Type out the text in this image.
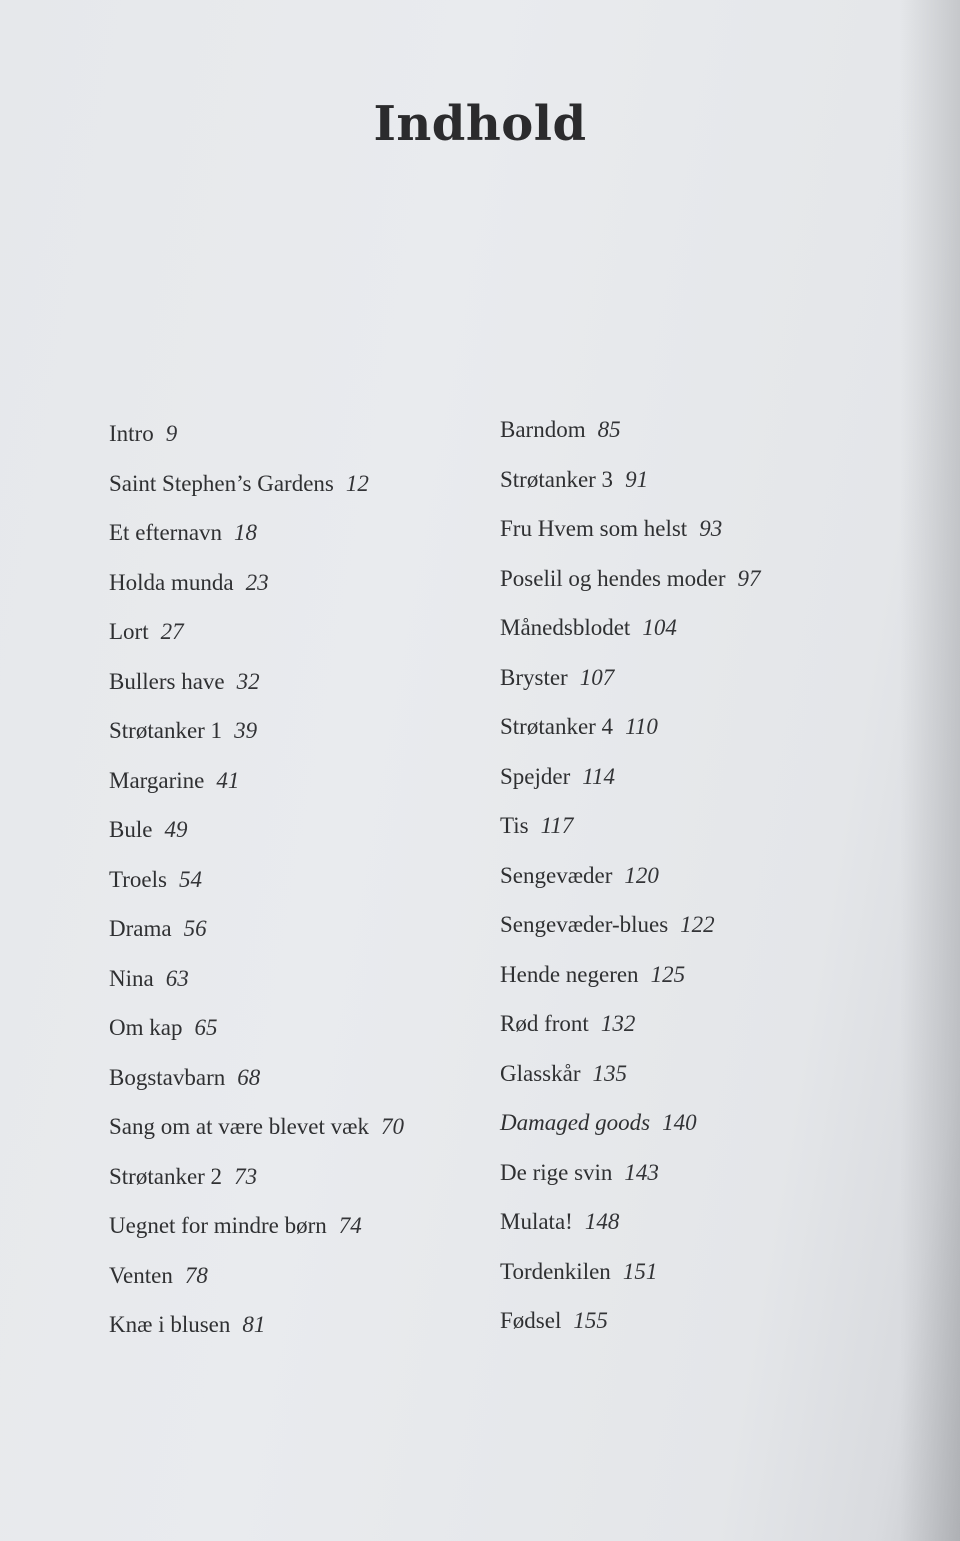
Indhold
Intro 9
Saint Stephen’s Gardens 12
Et efternavn 18
Holda munda 23
Lort 27
Bullers have 32
Strøtanker 1 39
Margarine 41
Bule 49
Troels 54
Drama 56
Nina 63
Om kap 65
Bogstavbarn 68
Sang om at være blevet væk 70
Strøtanker 2 73
Uegnet for mindre børn 74
Venten 78
Knæ i blusen 81
Barndom 85
Strøtanker 3 91
Fru Hvem som helst 93
Poselil og hendes moder 97
Månedsblodet 104
Bryster 107
Strøtanker 4 110
Spejder 114
Tis 117
Sengevæder 120
Sengevæder-blues 122
Hende negeren 125
Rød front 132
Glasskår 135
Damaged goods 140
De rige svin 143
Mulata! 148
Tordenkilen 151
Fødsel 155
